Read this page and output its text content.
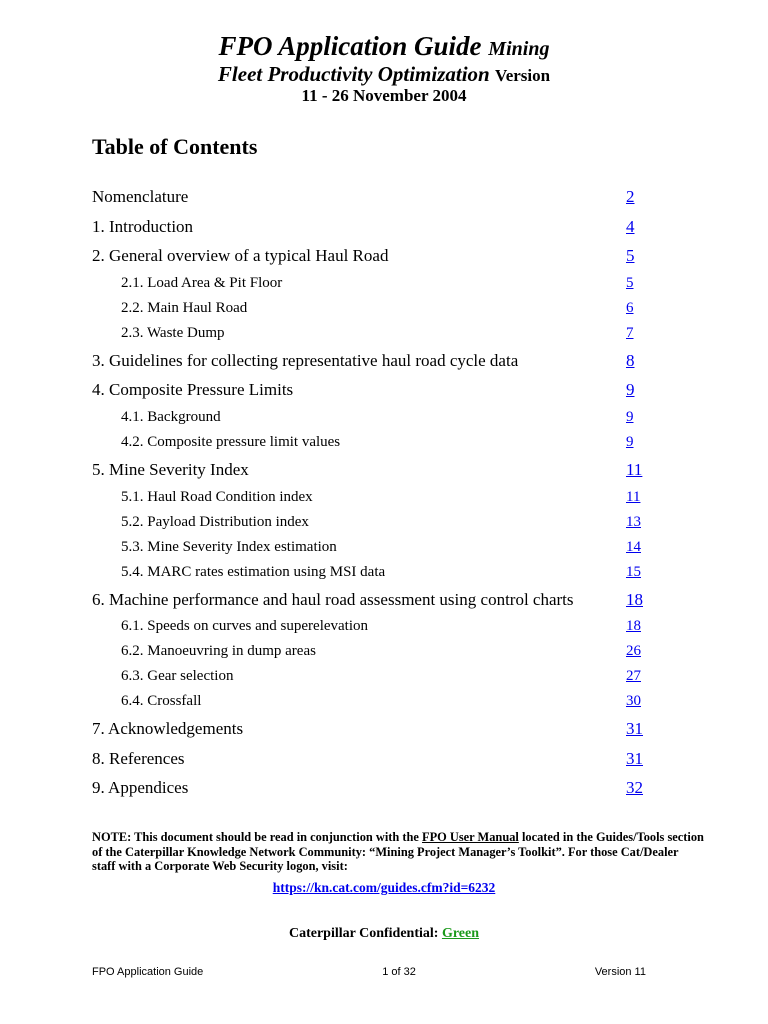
FPO Application Guide Mining
Fleet Productivity Optimization Version
11 - 26 November 2004
Table of Contents
Nomenclature	2
1. Introduction	4
2. General overview of a typical Haul Road	5
2.1. Load Area & Pit Floor	5
2.2. Main Haul Road	6
2.3. Waste Dump	7
3. Guidelines for collecting representative haul road cycle data	8
4. Composite Pressure Limits	9
4.1. Background	9
4.2. Composite pressure limit values	9
5. Mine Severity Index	11
5.1. Haul Road Condition index	11
5.2. Payload Distribution index	13
5.3. Mine Severity Index estimation	14
5.4. MARC rates estimation using MSI data	15
6. Machine performance and haul road assessment using control charts	18
6.1. Speeds on curves and superelevation	18
6.2. Manoeuvring in dump areas	26
6.3. Gear selection	27
6.4. Crossfall	30
7. Acknowledgements	31
8. References	31
9. Appendices	32
NOTE: This document should be read in conjunction with the FPO User Manual located in the Guides/Tools section of the Caterpillar Knowledge Network Community: “Mining Project Manager’s Toolkit”. For those Cat/Dealer staff with a Corporate Web Security logon, visit:
https://kn.cat.com/guides.cfm?id=6232
Caterpillar Confidential: Green
FPO Application Guide	1 of 32	Version 11
